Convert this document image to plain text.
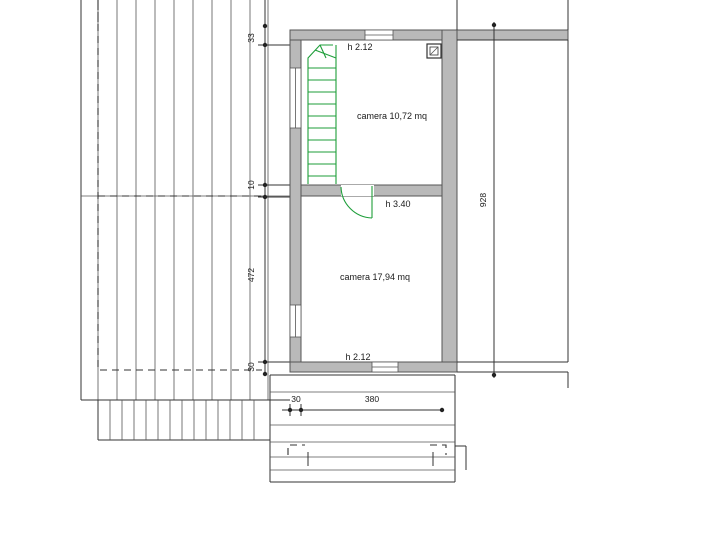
33
10
472
30
928
camera 10,72 mq
h 2.12
camera 17,94 mq
h 3.40
h 2.12
30	380
